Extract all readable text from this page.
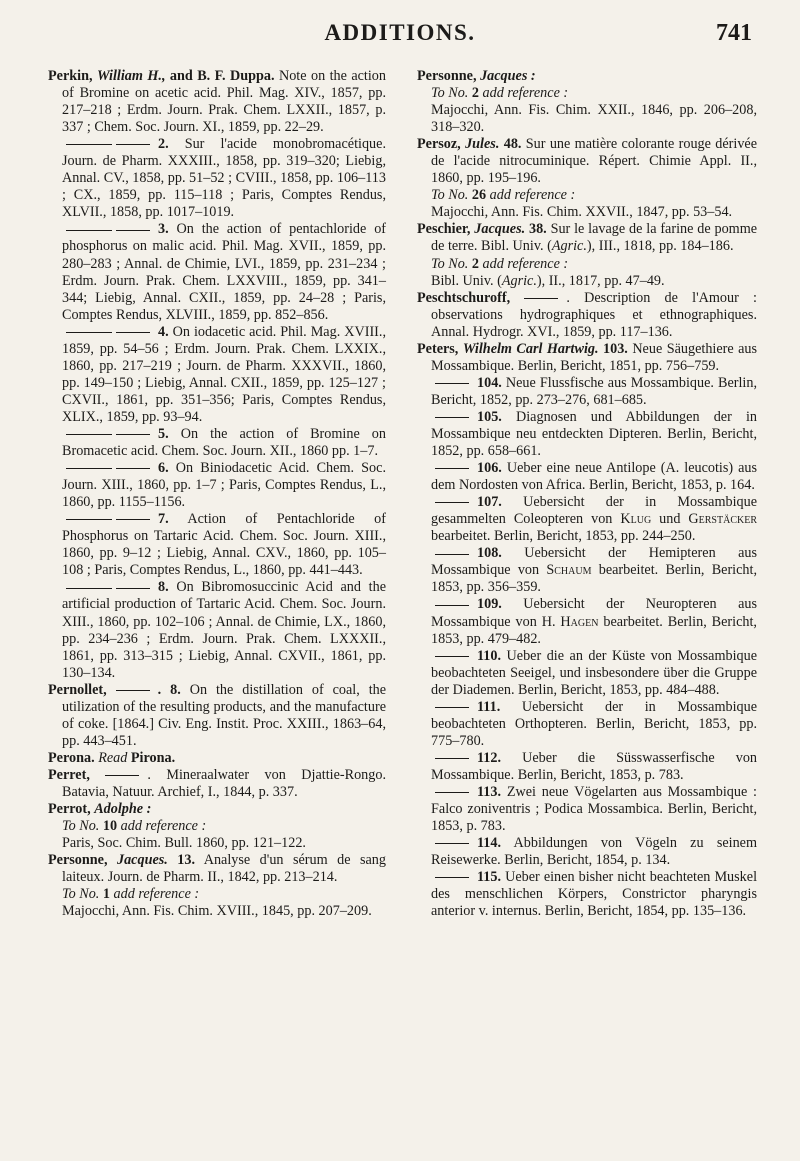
ADDITIONS.	741

Perkin, William H., and B. F. Duppa. Note on the action of Bromine on acetic acid. Phil. Mag. XIV., 1857, pp. 217–218 ; Erdm. Journ. Prak. Chem. LXXII., 1857, p. 337 ; Chem. Soc. Journ. XI., 1859, pp. 22–29.

2. Sur l'acide monobromacétique. Journ. de Pharm. XXXIII., 1858, pp. 319–320; Liebig, Annal. CV., 1858, pp. 51–52 ; CVIII., 1858, pp. 106–113 ; CX., 1859, pp. 115–118 ; Paris, Comptes Rendus, XLVII., 1858, pp. 1017–1019.

3. On the action of pentachloride of phosphorus on malic acid. Phil. Mag. XVII., 1859, pp. 280–283 ; Annal. de Chimie, LVI., 1859, pp. 231–234 ; Erdm. Journ. Prak. Chem. LXXVIII., 1859, pp. 341–344; Liebig, Annal. CXII., 1859, pp. 24–28 ; Paris, Comptes Rendus, XLVIII., 1859, pp. 852–856.

4. On iodacetic acid. Phil. Mag. XVIII., 1859, pp. 54–56 ; Erdm. Journ. Prak. Chem. LXXIX., 1860, pp. 217–219 ; Journ. de Pharm. XXXVII., 1860, pp. 149–150 ; Liebig, Annal. CXII., 1859, pp. 125–127 ; CXVII., 1861, pp. 351–356; Paris, Comptes Rendus, XLIX., 1859, pp. 93–94.

5. On the action of Bromine on Bromacetic acid. Chem. Soc. Journ. XII., 1860 pp. 1–7.

6. On Biniodacetic Acid. Chem. Soc. Journ. XIII., 1860, pp. 1–7 ; Paris, Comptes Rendus, L., 1860, pp. 1155–1156.

7. Action of Pentachloride of Phosphorus on Tartaric Acid. Chem. Soc. Journ. XIII., 1860, pp. 9–12 ; Liebig, Annal. CXV., 1860, pp. 105–108 ; Paris, Comptes Rendus, L., 1860, pp. 441–443.

8. On Bibromosuccinic Acid and the artificial production of Tartaric Acid. Chem. Soc. Journ. XIII., 1860, pp. 102–106 ; Annal. de Chimie, LX., 1860, pp. 234–236 ; Erdm. Journ. Prak. Chem. LXXXII., 1861, pp. 313–315 ; Liebig, Annal. CXVII., 1861, pp. 130–134.

Pernollet,	. 8. On the distillation of coal, the utilization of the resulting products, and the manufacture of coke. [1864.] Civ. Eng. Instit. Proc. XXIII., 1863–64, pp. 443–451.

Perona. Read Pirona.

Perret,	. Mineraalwater von Djattie-Rongo. Batavia, Natuur. Archief, I., 1844, p. 337.

Perrot, Adolphe :
To No. 10 add reference :
Paris, Soc. Chim. Bull. 1860, pp. 121–122.

Personne, Jacques. 13. Analyse d'un sérum de sang laiteux. Journ. de Pharm. II., 1842, pp. 213–214.
To No. 1 add reference :
Majocchi, Ann. Fis. Chim. XVIII., 1845, pp. 207–209.

Personne, Jacques :
To No. 2 add reference :
Majocchi, Ann. Fis. Chim. XXII., 1846, pp. 206–208, 318–320.

Persoz, Jules. 48. Sur une matière colorante rouge dérivée de l'acide nitrocuminique. Répert. Chimie Appl. II., 1860, pp. 195–196.
To No. 26 add reference :
Majocchi, Ann. Fis. Chim. XXVII., 1847, pp. 53–54.

Peschier, Jacques. 38. Sur le lavage de la farine de pomme de terre. Bibl. Univ. (Agric.), III., 1818, pp. 184–186.
To No. 2 add reference :
Bibl. Univ. (Agric.), II., 1817, pp. 47–49.

Peschtschuroff,	. Description de l'Amour : observations hydrographiques et ethnographiques. Annal. Hydrogr. XVI., 1859, pp. 117–136.

Peters, Wilhelm Carl Hartwig. 103. Neue Säugethiere aus Mossambique. Berlin, Bericht, 1851, pp. 756–759.

104. Neue Flussfische aus Mossambique. Berlin, Bericht, 1852, pp. 273–276, 681–685.

105. Diagnosen und Abbildungen der in Mossambique neu entdeckten Dipteren. Berlin, Bericht, 1852, pp. 658–661.

106. Ueber eine neue Antilope (A. leucotis) aus dem Nordosten von Africa. Berlin, Bericht, 1853, p. 164.

107. Uebersicht der in Mossambique gesammelten Coleopteren von Klug und Gerstäcker bearbeitet. Berlin, Bericht, 1853, pp. 244–250.

108. Uebersicht der Hemipteren aus Mossambique von Schaum bearbeitet. Berlin, Bericht, 1853, pp. 356–359.

109. Uebersicht der Neuropteren aus Mossambique von H. Hagen bearbeitet. Berlin, Bericht, 1853, pp. 479–482.

110. Ueber die an der Küste von Mossambique beobachteten Seeigel, und insbesondere über die Gruppe der Diademen. Berlin, Bericht, 1853, pp. 484–488.

111. Uebersicht der in Mossambique beobachteten Orthopteren. Berlin, Bericht, 1853, pp. 775–780.

112. Ueber die Süsswasserfische von Mossambique. Berlin, Bericht, 1853, p. 783.

113. Zwei neue Vögelarten aus Mossambique : Falco zoniventris ; Podica Mossambica. Berlin, Bericht, 1853, p. 783.

114. Abbildungen von Vögeln zu seinem Reisewerke. Berlin, Bericht, 1854, p. 134.

115. Ueber einen bisher nicht beachteten Muskel des menschlichen Körpers, Constrictor pharyngis anterior v. internus. Berlin, Bericht, 1854, pp. 135–136.
